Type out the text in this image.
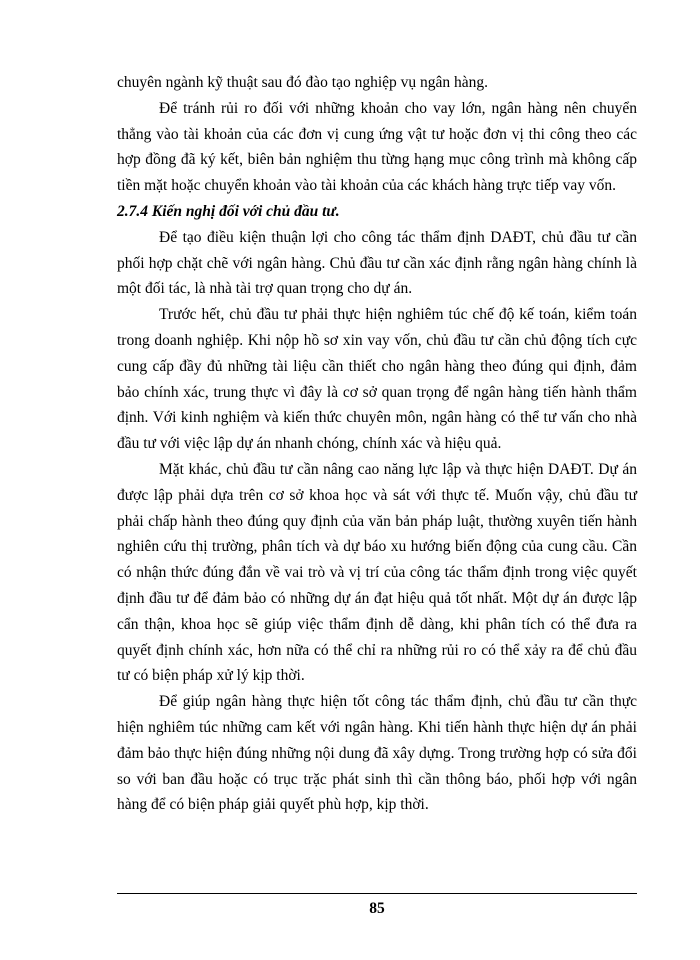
chuyên ngành kỹ thuật sau đó đào tạo nghiệp vụ ngân hàng.

Để tránh rủi ro đối với những khoản cho vay lớn, ngân hàng nên chuyển thẳng vào tài khoản của các đơn vị cung ứng vật tư hoặc đơn vị thi công theo các hợp đồng đã ký kết, biên bản nghiệm thu từng hạng mục công trình mà không cấp tiền mặt hoặc chuyển khoản vào tài khoản của các khách hàng trực tiếp vay vốn.

2.7.4 Kiến nghị đối với chủ đầu tư.

Để tạo điều kiện thuận lợi cho công tác thẩm định DAĐT, chủ đầu tư cần phối hợp chặt chẽ với ngân hàng. Chủ đầu tư cần xác định rằng ngân hàng chính là một đối tác, là nhà tài trợ quan trọng cho dự án.

Trước hết, chủ đầu tư phải thực hiện nghiêm túc chế độ kế toán, kiểm toán trong doanh nghiệp. Khi nộp hồ sơ xin vay vốn, chủ đầu tư cần chủ động tích cực cung cấp đầy đủ những tài liệu cần thiết cho ngân hàng theo đúng qui định, đảm bảo chính xác, trung thực vì đây là cơ sở quan trọng để ngân hàng tiến hành thẩm định. Với kinh nghiệm và kiến thức chuyên môn, ngân hàng có thể tư vấn cho nhà đầu tư với việc lập dự án nhanh chóng, chính xác và hiệu quả.

Mặt khác, chủ đầu tư cần nâng cao năng lực lập và thực hiện DAĐT. Dự án được lập phải dựa trên cơ sở khoa học và sát với thực tế. Muốn vậy, chủ đầu tư phải chấp hành theo đúng quy định của văn bản pháp luật, thường xuyên tiến hành nghiên cứu thị trường, phân tích và dự báo xu hướng biến động của cung cầu. Cần có nhận thức đúng đắn về vai trò và vị trí của công tác thẩm định trong việc quyết định đầu tư để đảm bảo có những dự án đạt hiệu quả tốt nhất. Một dự án được lập cẩn thận, khoa học sẽ giúp việc thẩm định dễ dàng, khi phân tích có thể đưa ra quyết định chính xác, hơn nữa có thể chỉ ra những rủi ro có thể xảy ra để chủ đầu tư có biện pháp xử lý kịp thời.

Để giúp ngân hàng thực hiện tốt công tác thẩm định, chủ đầu tư cần thực hiện nghiêm túc những cam kết với ngân hàng. Khi tiến hành thực hiện dự án phải đảm bảo thực hiện đúng những nội dung đã xây dựng. Trong trường hợp có sửa đổi so với ban đầu hoặc có trục trặc phát sinh thì cần thông báo, phối hợp với ngân hàng để có biện pháp giải quyết phù hợp, kịp thời.

85
